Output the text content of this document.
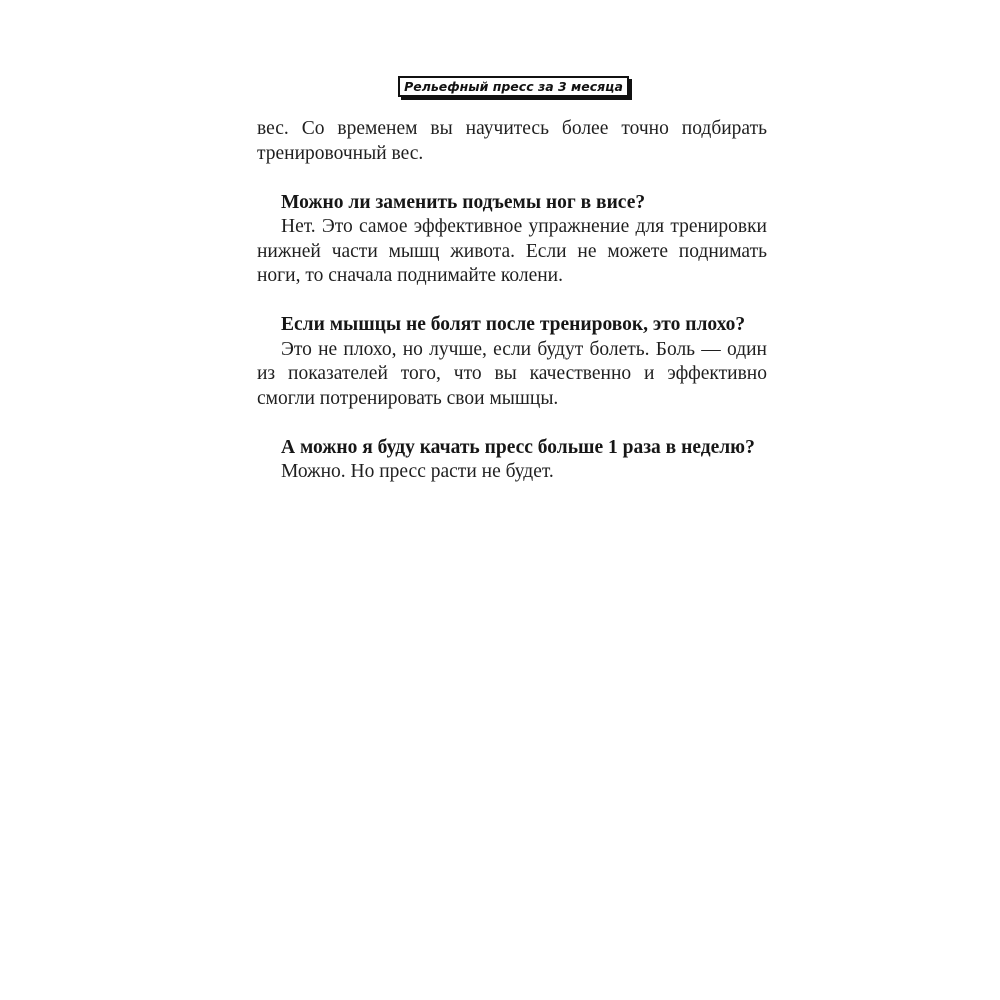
Рельефный пресс за 3 месяца

вес. Со временем вы научитесь более точно подбирать тренировочный вес.

Можно ли заменить подъемы ног в висе?

Нет. Это самое эффективное упражнение для тренировки нижней части мышц живота. Если не можете поднимать ноги, то сначала поднимайте колени.

Если мышцы не болят после тренировок, это плохо?

Это не плохо, но лучше, если будут болеть. Боль — один из показателей того, что вы качественно и эффективно смогли потренировать свои мышцы.

А можно я буду качать пресс больше 1 раза в неделю?

Можно. Но пресс расти не будет.
